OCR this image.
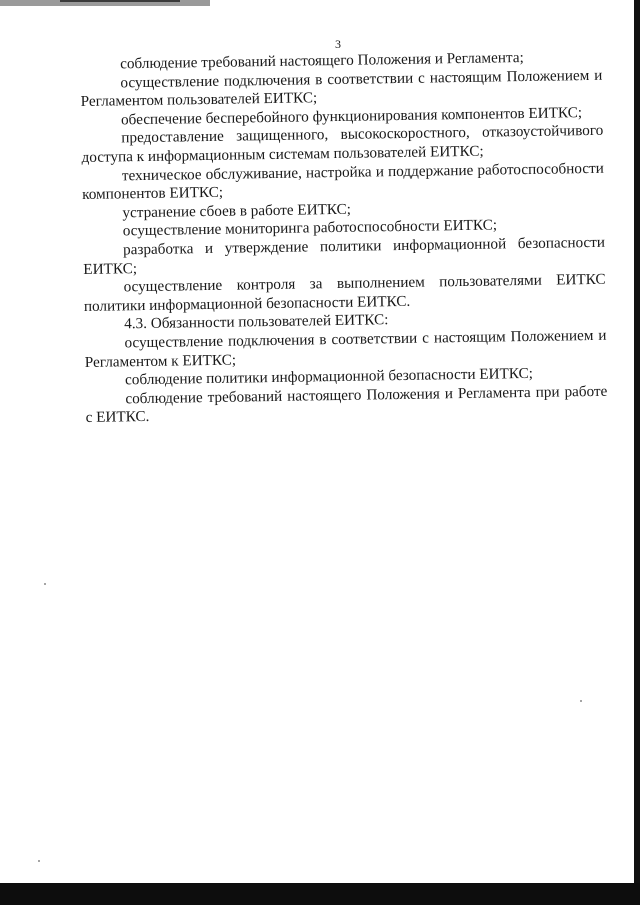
3

соблюдение требований настоящего Положения и Регламента;

осуществление подключения в соответствии с настоящим Положением и Регламентом пользователей ЕИТКС;

обеспечение бесперебойного функционирования компонентов ЕИТКС;

предоставление защищенного, высокоскоростного, отказоустойчивого доступа к информационным системам пользователей ЕИТКС;

техническое обслуживание, настройка и поддержание работоспособности компонентов ЕИТКС;

устранение сбоев в работе ЕИТКС;

осуществление мониторинга работоспособности ЕИТКС;

разработка и утверждение политики информационной безопасности ЕИТКС;

осуществление контроля за выполнением пользователями ЕИТКС политики информационной безопасности ЕИТКС.

4.3. Обязанности пользователей ЕИТКС:

осуществление подключения в соответствии с настоящим Положением и Регламентом к ЕИТКС;

соблюдение политики информационной безопасности ЕИТКС;

соблюдение требований настоящего Положения и Регламента при работе с ЕИТКС.
